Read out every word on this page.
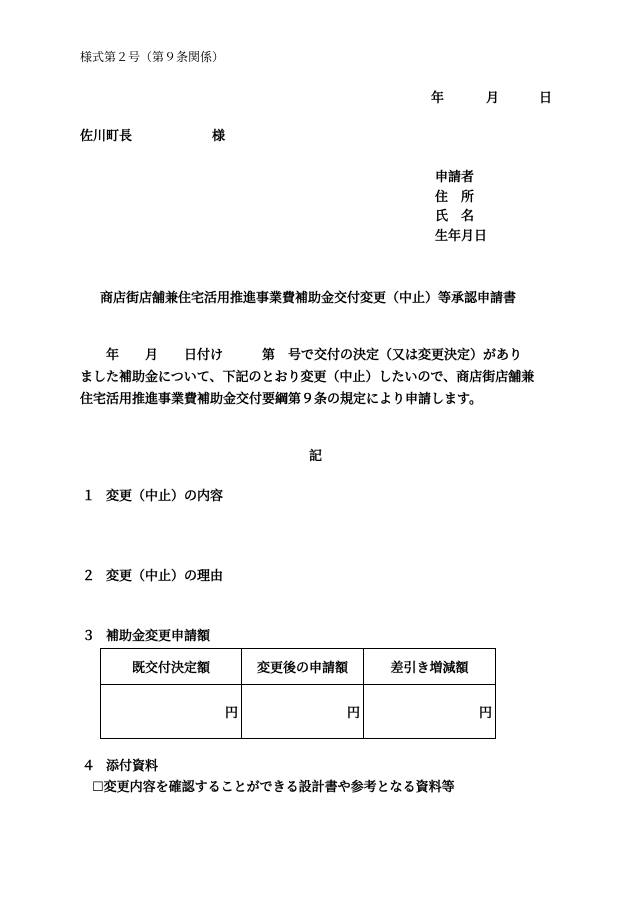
様式第２号（第９条関係）
年	月	日
佐川町長	様
申請者
住　所
氏　名
生年月日
商店街店舗兼住宅活用推進事業費補助金交付変更（中止）等承認申請書
　　年　　月　　日付け　　　第　号で交付の決定（又は変更決定）があり
ました補助金について、下記のとおり変更（中止）したいので、商店街店舗兼
住宅活用推進事業費補助金交付要綱第９条の規定により申請します。
記
１ 変更（中止）の内容
２ 変更（中止）の理由
３ 補助金変更申請額
既交付決定額	変更後の申請額	差引き増減額
円	円	円
４ 添付資料
☐変更内容を確認することができる設計書や参考となる資料等
